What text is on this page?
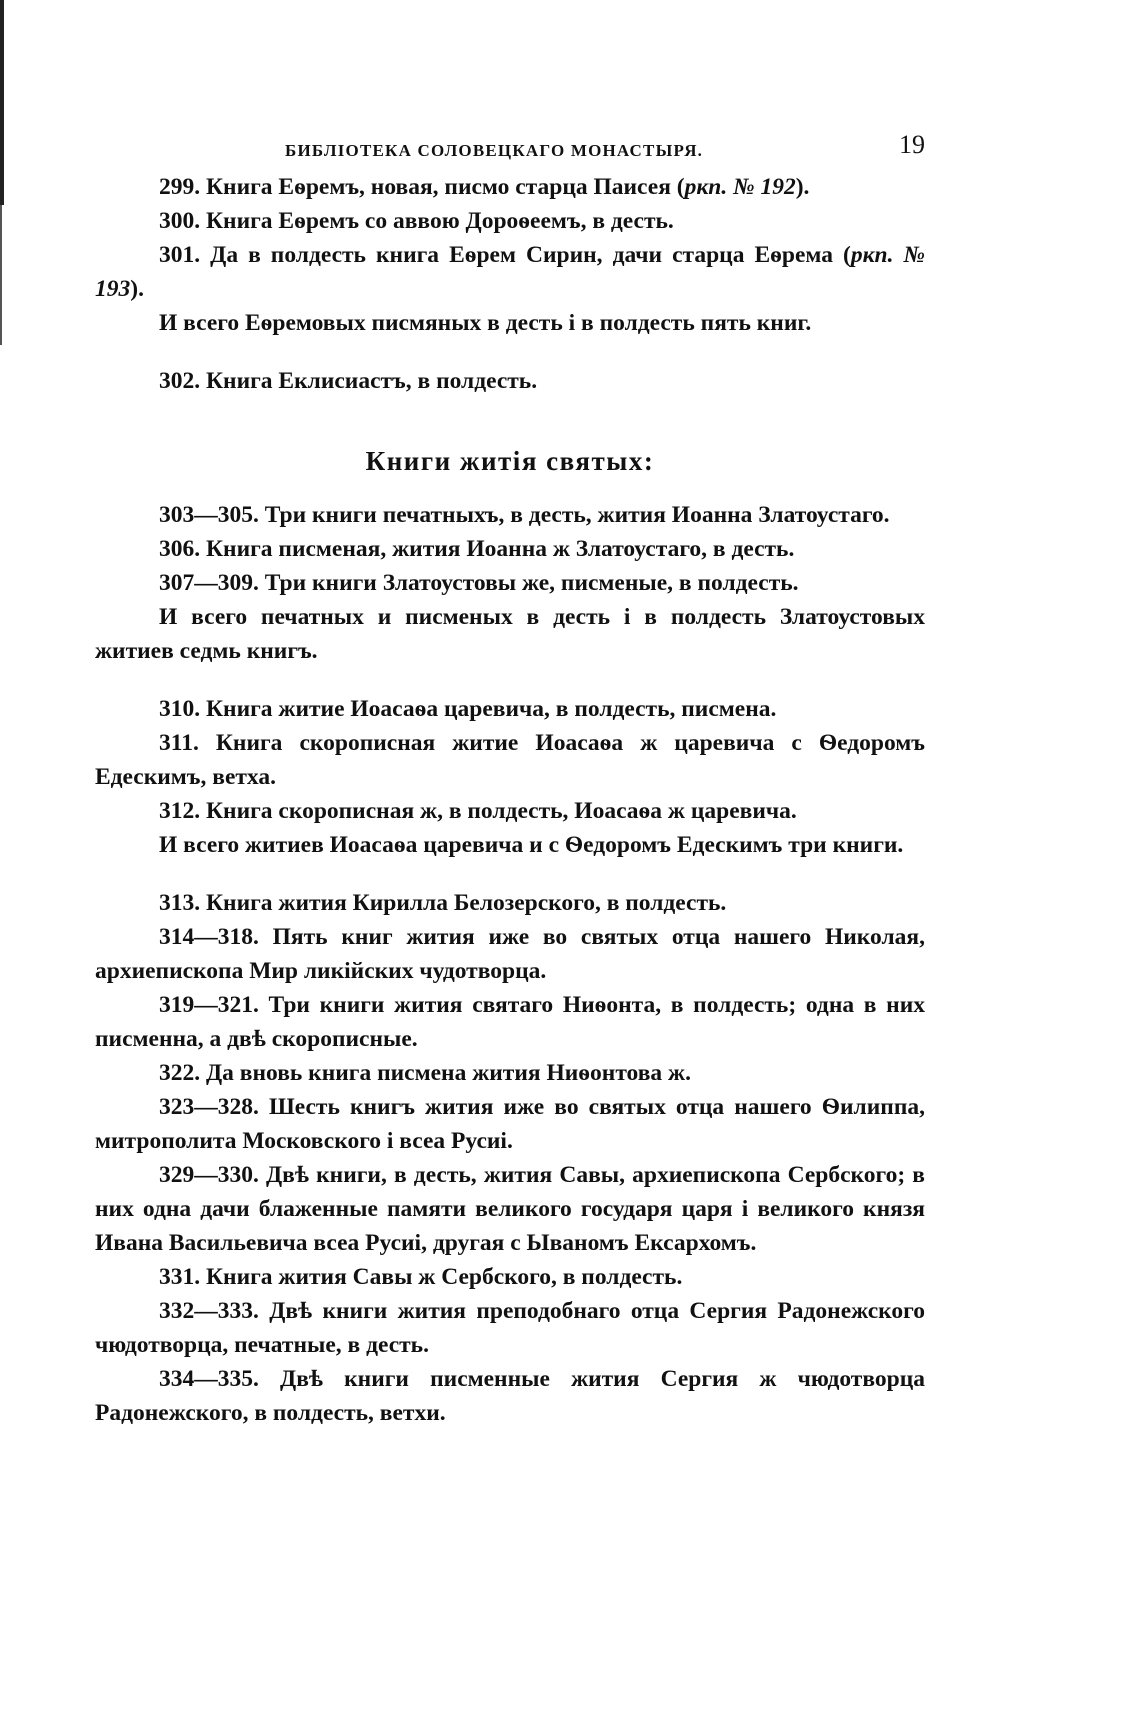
БИБЛІОТЕКА СОЛОВЕЦКАГО МОНАСТЫРЯ.	19

299. Книга Еѳремъ, новая, писмо старца Паисея (ркп. № 192).

300. Книга Еѳремъ со аввою Дороѳеемъ, в десть.

301. Да в полдесть книга Еѳрем Сирин, дачи старца Еѳрема (ркп. № 193).

И всего Еѳремовых писмяных в десть і в полдесть пять книг.

302. Книга Еклисиастъ, в полдесть.

Книги житія святых:

303—305. Три книги печатныхъ, в десть, жития Иоанна Златоустаго.

306. Книга писменая, жития Иоанна ж Златоустаго, в десть.

307—309. Три книги Златоустовы же, писменые, в полдесть.

И всего печатных и писменых в десть і в полдесть Златоустовых житиев седмь книгъ.

310. Книга житие Иоасаѳа царевича, в полдесть, писмена.

311. Книга скорописная житие Иоасаѳа ж царевича с Ѳедоромъ Едескимъ, ветха.

312. Книга скорописная ж, в полдесть, Иоасаѳа ж царевича.

И всего житиев Иоасаѳа царевича и с Ѳедоромъ Едескимъ три книги.

313. Книга жития Кирилла Белозерского, в полдесть.

314—318. Пять книг жития иже во святых отца нашего Николая, архиепископа Мир ликійских чудотворца.

319—321. Три книги жития святаго Ниѳонта, в полдесть; одна в них писменна, а двѣ скорописные.

322. Да вновь книга писмена жития Ниѳонтова ж.

323—328. Шесть книгъ жития иже во святых отца нашего Ѳилиппа, митрополита Московского і всеа Русиі.

329—330. Двѣ книги, в десть, жития Савы, архиепископа Сербского; в них одна дачи блаженные памяти великого государя царя і великого князя Ивана Васильевича всеа Русиі, другая с Ываномъ Ексархомъ.

331. Книга жития Савы ж Сербского, в полдесть.

332—333. Двѣ книги жития преподобнаго отца Сергия Радонежского чюдотворца, печатные, в десть.

334—335. Двѣ книги писменные жития Сергия ж чюдотворца Радонежского, в полдесть, ветхи.
